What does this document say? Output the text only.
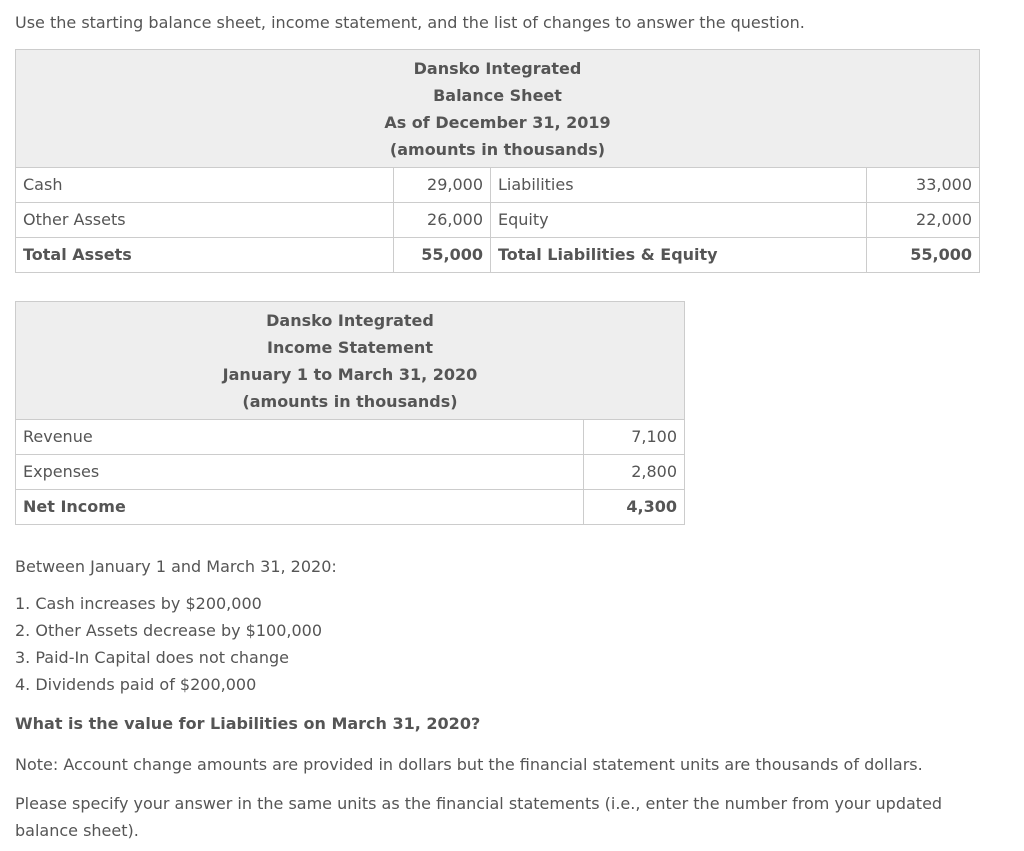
Use the starting balance sheet, income statement, and the list of changes to answer the question.

Dansko Integrated
Balance Sheet
As of December 31, 2019
(amounts in thousands)			

Cash	29,000	Liabilities	33,000
Other Assets	26,000	Equity	22,000
Total Assets	55,000	Total Liabilities & Equity	55,000
Dansko Integrated
Income Statement
January 1 to March 31, 2020
(amounts in thousands)	

Revenue	7,100
Expenses	2,800
Net Income	4,300

Between January 1 and March 31, 2020:

1. Cash increases by $200,000
2. Other Assets decrease by $100,000
3. Paid-In Capital does not change
4. Dividends paid of $200,000

What is the value for Liabilities on March 31, 2020?

Note: Account change amounts are provided in dollars but the financial statement units are thousands of dollars.

Please specify your answer in the same units as the financial statements (i.e., enter the number from your updated balance sheet).
